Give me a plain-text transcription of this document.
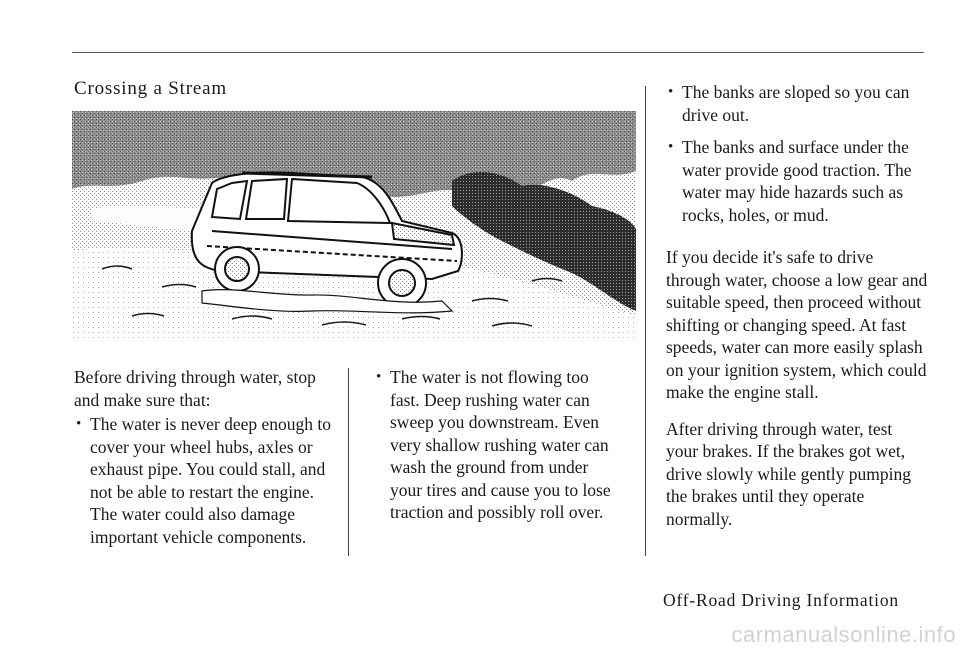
Crossing a Stream

Before driving through water, stop and make sure that:

• The water is never deep enough to cover your wheel hubs, axles or exhaust pipe. You could stall, and not be able to restart the engine. The water could also damage important vehicle components.

• The water is not flowing too fast. Deep rushing water can sweep you downstream. Even very shallow rushing water can wash the ground from under your tires and cause you to lose traction and possibly roll over.

• The banks are sloped so you can drive out.

• The banks and surface under the water provide good traction. The water may hide hazards such as rocks, holes, or mud.

If you decide it's safe to drive through water, choose a low gear and suitable speed, then proceed without shifting or changing speed. At fast speeds, water can more easily splash on your ignition system, which could make the engine stall.

After driving through water, test your brakes. If the brakes got wet, drive slowly while gently pumping the brakes until they operate normally.

Off-Road Driving Information
carmanualsonline.info
